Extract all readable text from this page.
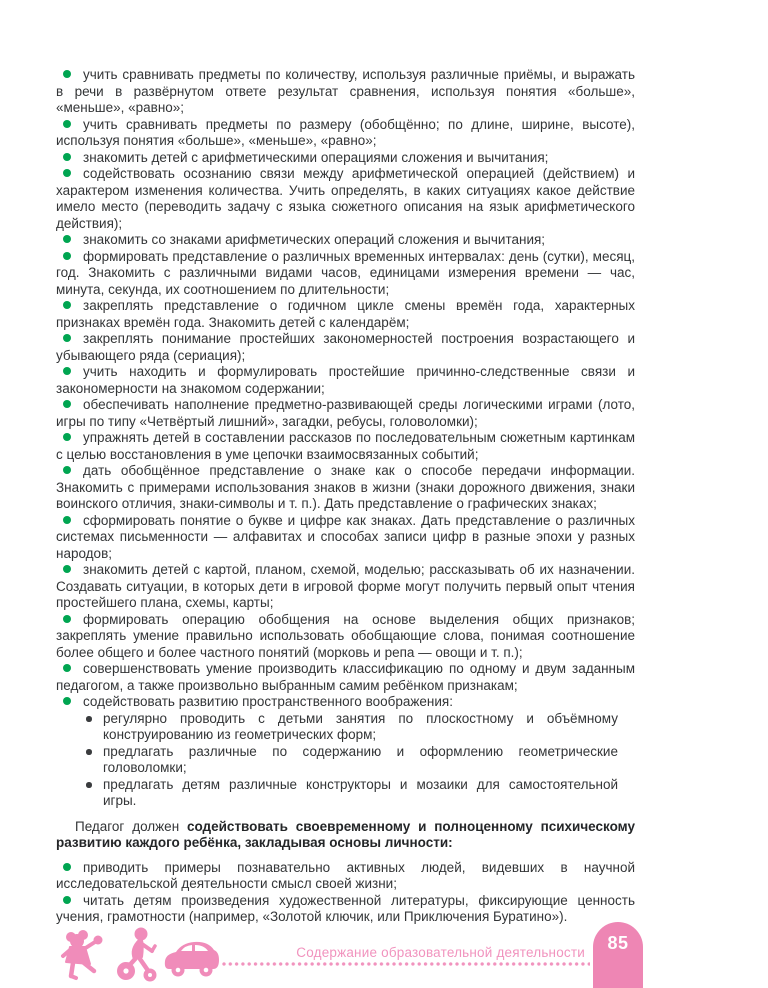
учить сравнивать предметы по количеству, используя различные приёмы, и выражать в речи в развёрнутом ответе результат сравнения, используя понятия «больше», «меньше», «равно»;

учить сравнивать предметы по размеру (обобщённо; по длине, ширине, высоте), используя понятия «больше», «меньше», «равно»;

знакомить детей с арифметическими операциями сложения и вычитания;

содействовать осознанию связи между арифметической операцией (действием) и характером изменения количества. Учить определять, в каких ситуациях какое действие имело место (переводить задачу с языка сюжетного описания на язык арифметического действия);

знакомить со знаками арифметических операций сложения и вычитания;

формировать представление о различных временных интервалах: день (сутки), месяц, год. Знакомить с различными видами часов, единицами измерения времени — час, минута, секунда, их соотношением по длительности;

закреплять представление о годичном цикле смены времён года, характерных признаках времён года. Знакомить детей с календарём;

закреплять понимание простейших закономерностей построения возрастающего и убывающего ряда (сериация);

учить находить и формулировать простейшие причинно-следственные связи и закономерности на знакомом содержании;

обеспечивать наполнение предметно-развивающей среды логическими играми (лото, игры по типу «Четвёртый лишний», загадки, ребусы, головоломки);

упражнять детей в составлении рассказов по последовательным сюжетным картинкам с целью восстановления в уме цепочки взаимосвязанных событий;

дать обобщённое представление о знаке как о способе передачи информации. Знакомить с примерами использования знаков в жизни (знаки дорожного движения, знаки воинского отличия, знаки-символы и т. п.). Дать представление о графических знаках;

сформировать понятие о букве и цифре как знаках. Дать представление о различных системах письменности — алфавитах и способах записи цифр в разные эпохи у разных народов;

знакомить детей с картой, планом, схемой, моделью; рассказывать об их назначении. Создавать ситуации, в которых дети в игровой форме могут получить первый опыт чтения простейшего плана, схемы, карты;

формировать операцию обобщения на основе выделения общих признаков; закреплять умение правильно использовать обобщающие слова, понимая соотношение более общего и более частного понятий (морковь и репа — овощи и т. п.);

совершенствовать умение производить классификацию по одному и двум заданным педагогом, а также произвольно выбранным самим ребёнком признакам;

содействовать развитию пространственного воображения:

регулярно проводить с детьми занятия по плоскостному и объёмному конструированию из геометрических форм;
предлагать различные по содержанию и оформлению геометрические головоломки;
предлагать детям различные конструкторы и мозаики для самостоятельной игры.

Педагог должен содействовать своевременному и полноценному психическому развитию каждого ребёнка, закладывая основы личности:

приводить примеры познавательно активных людей, видевших в научной исследовательской деятельности смысл своей жизни;

читать детям произведения художественной литературы, фиксирующие ценность учения, грамотности (например, «Золотой ключик, или Приключения Буратино»).

Содержание образовательной деятельности	85
